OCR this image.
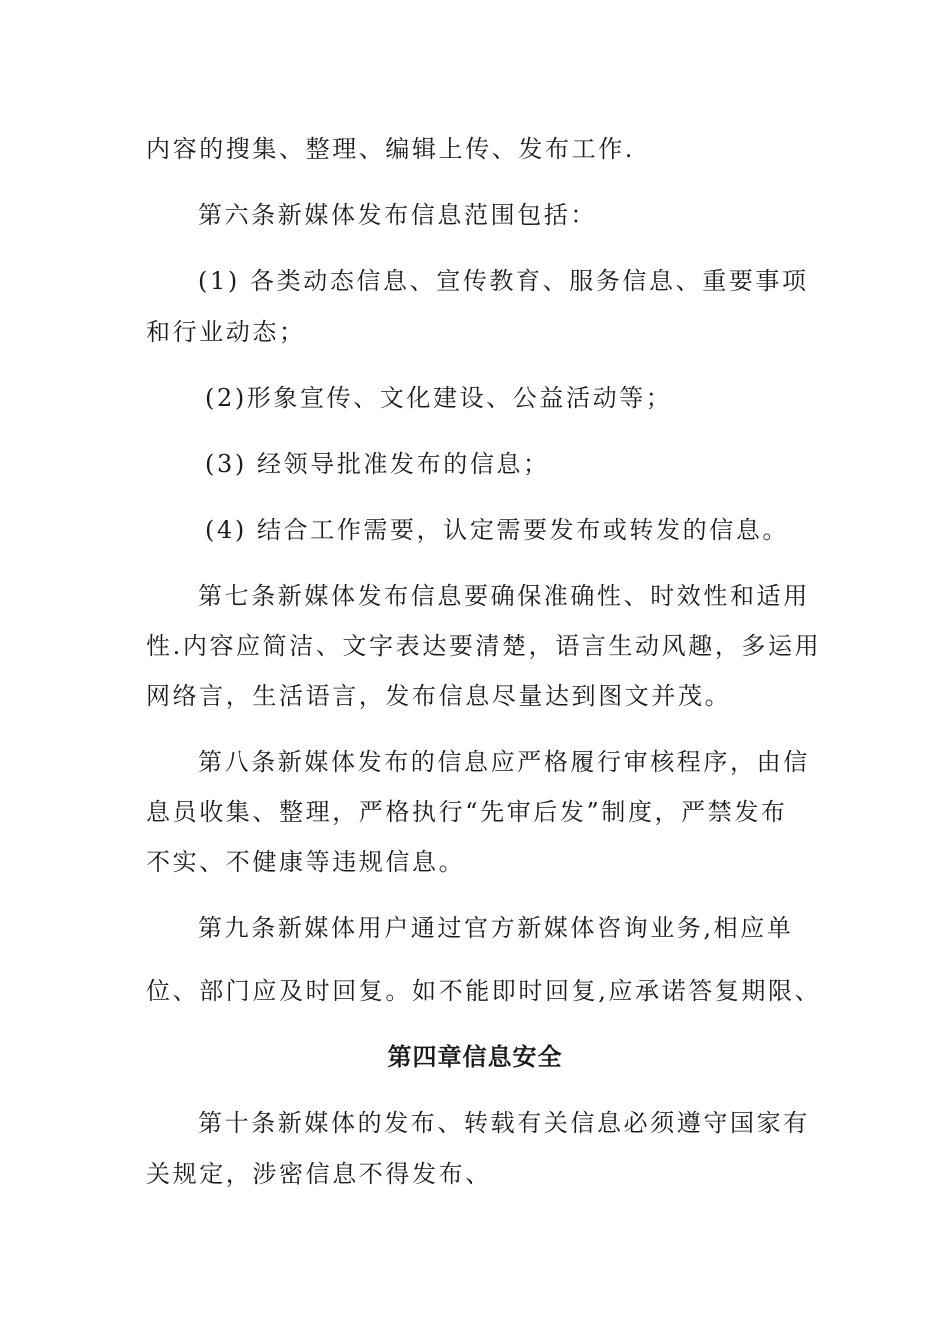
内容的搜集、整理、编辑上传、发布工作.
第六条新媒体发布信息范围包括：
(1) 各类动态信息、宣传教育、服务信息、重要事项
和行业动态；
(2)形象宣传、文化建设、公益活动等；
(3) 经领导批准发布的信息；
(4) 结合工作需要，认定需要发布或转发的信息。
第七条新媒体发布信息要确保准确性、时效性和适用
性.内容应简洁、文字表达要清楚，语言生动风趣，多运用
网络言，生活语言，发布信息尽量达到图文并茂。
第八条新媒体发布的信息应严格履行审核程序，由信
息员收集、整理，严格执行“先审后发”制度，严禁发布
不实、不健康等违规信息。
第九条新媒体用户通过官方新媒体咨询业务,相应单
位、部门应及时回复。如不能即时回复,应承诺答复期限、
第四章信息安全
第十条新媒体的发布、转载有关信息必须遵守国家有
关规定，涉密信息不得发布、
